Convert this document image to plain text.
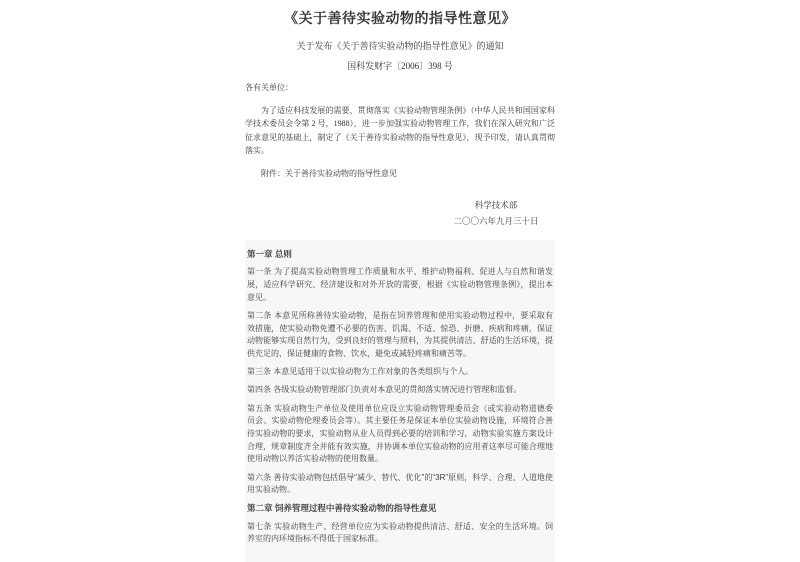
《关于善待实验动物的指导性意见》
关于发布《关于善待实验动物的指导性意见》的通知
国科发财字〔2006〕398 号
各有关单位：
为了适应科技发展的需要，贯彻落实《实验动物管理条例》（中华人民共和国国家科学技术委员会令第 2 号，1988），进一步加强实验动物管理工作，我们在深入研究和广泛征求意见的基础上，制定了《关于善待实验动物的指导性意见》，现予印发，请认真贯彻落实。
附件：关于善待实验动物的指导性意见
科学技术部
二〇〇六年九月三十日
第一章 总则
第一条 为了提高实验动物管理工作质量和水平、维护动物福利、促进人与自然和谐发展，适应科学研究、经济建设和对外开放的需要，根据《实验动物管理条例》，提出本意见。
第二条 本意见所称善待实验动物，是指在饲养管理和使用实验动物过程中，要采取有效措施，使实验动物免遭不必要的伤害、饥渴、不适、惊恐、折磨、疾病和疼痛，保证动物能够实现自然行为，受到良好的管理与照料，为其提供清洁、舒适的生活环境，提供充足的，保证健康的食物、饮水，避免或减轻疼痛和痛苦等。
第三条 本意见适用于以实验动物为工作对象的各类组织与个人。
第四条 各级实验动物管理部门负责对本意见的贯彻落实情况进行管理和监督。
第五条 实验动物生产单位及使用单位应设立实验动物管理委员会（或实验动物道德委员会、实验动物伦理委员会等）。其主要任务是保证本单位实验动物设施，环境符合善待实验动物的要求，实验动物从业人员得到必要的培训和学习，动物实验实施方案设计合理，规章制度齐全并能有效实施，并协调本单位实验动物的应用者这率尽可能合理地使用动物以养活实验动物的使用数量。
第六条 善待实验动物包括倡导“减少、替代、优化”的“3R”原则，科学、合理、人道地使用实验动物。
第二章 饲养管理过程中善待实验动物的指导性意见
第七条 实验动物生产、经营单位应为实验动物提供清洁、舒适、安全的生活环境。饲养室的内环境指标不得低于国家标准。
